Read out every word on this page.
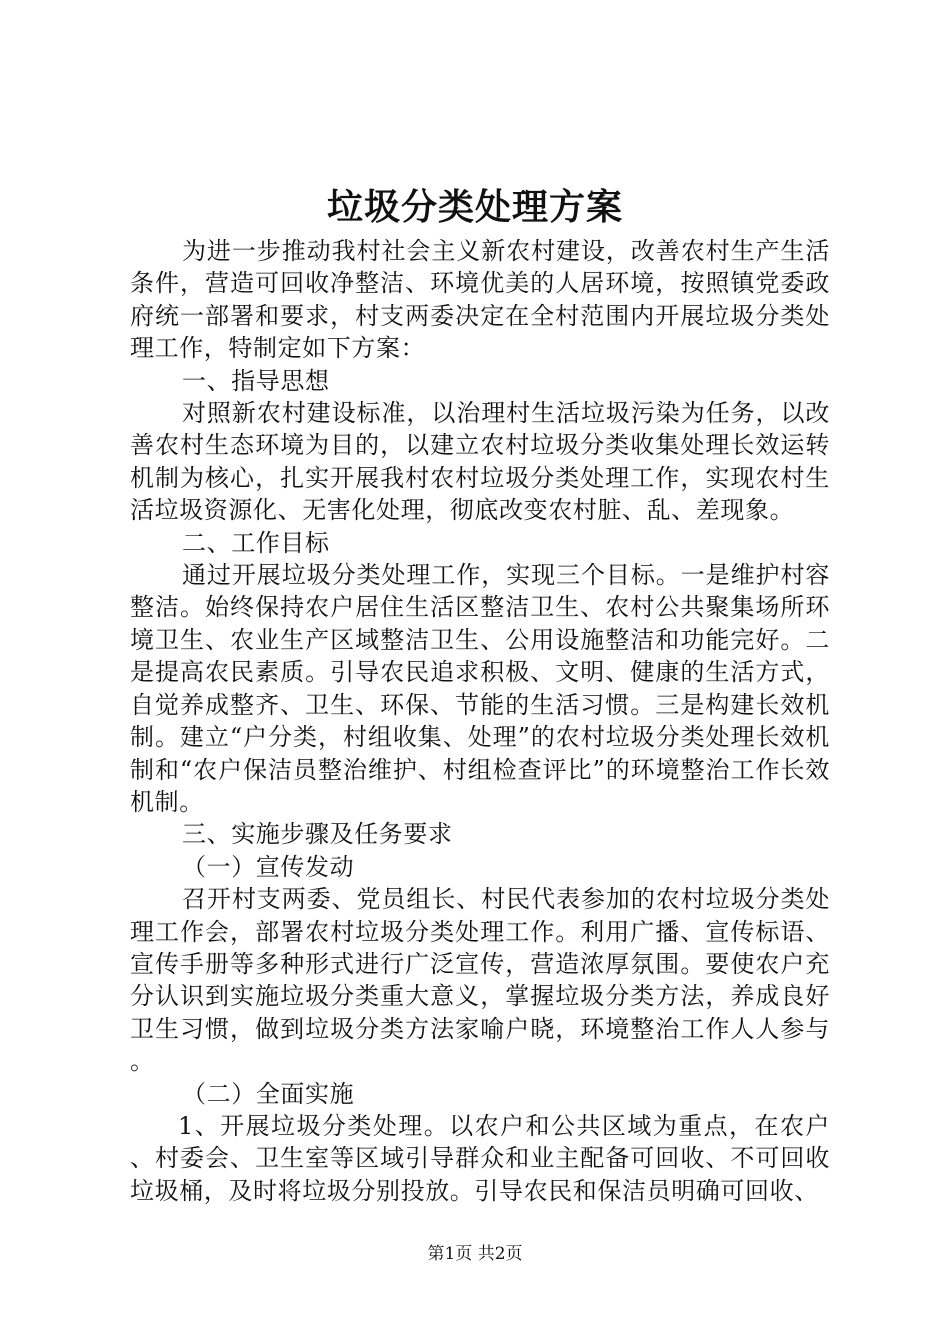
垃圾分类处理方案

为进一步推动我村社会主义新农村建设，改善农村生产生活条件，营造可回收净整洁、环境优美的人居环境，按照镇党委政府统一部署和要求，村支两委决定在全村范围内开展垃圾分类处理工作，特制定如下方案：

一、指导思想

对照新农村建设标准，以治理村生活垃圾污染为任务，以改善农村生态环境为目的，以建立农村垃圾分类收集处理长效运转机制为核心，扎实开展我村农村垃圾分类处理工作，实现农村生活垃圾资源化、无害化处理，彻底改变农村脏、乱、差现象。

二、工作目标

通过开展垃圾分类处理工作，实现三个目标。一是维护村容整洁。始终保持农户居住生活区整洁卫生、农村公共聚集场所环境卫生、农业生产区域整洁卫生、公用设施整洁和功能完好。二是提高农民素质。引导农民追求积极、文明、健康的生活方式，自觉养成整齐、卫生、环保、节能的生活习惯。三是构建长效机制。建立“户分类，村组收集、处理”的农村垃圾分类处理长效机制和“农户保洁员整治维护、村组检查评比”的环境整治工作长效机制。

三、实施步骤及任务要求

（一）宣传发动

召开村支两委、党员组长、村民代表参加的农村垃圾分类处理工作会，部署农村垃圾分类处理工作。利用广播、宣传标语、宣传手册等多种形式进行广泛宣传，营造浓厚氛围。要使农户充分认识到实施垃圾分类重大意义，掌握垃圾分类方法，养成良好卫生习惯，做到垃圾分类方法家喻户晓，环境整治工作人人参与。

（二）全面实施

1、开展垃圾分类处理。以农户和公共区域为重点，在农户、村委会、卫生室等区域引导群众和业主配备可回收、不可回收垃圾桶，及时将垃圾分别投放。引导农民和保洁员明确可回收、

第1页 共2页
